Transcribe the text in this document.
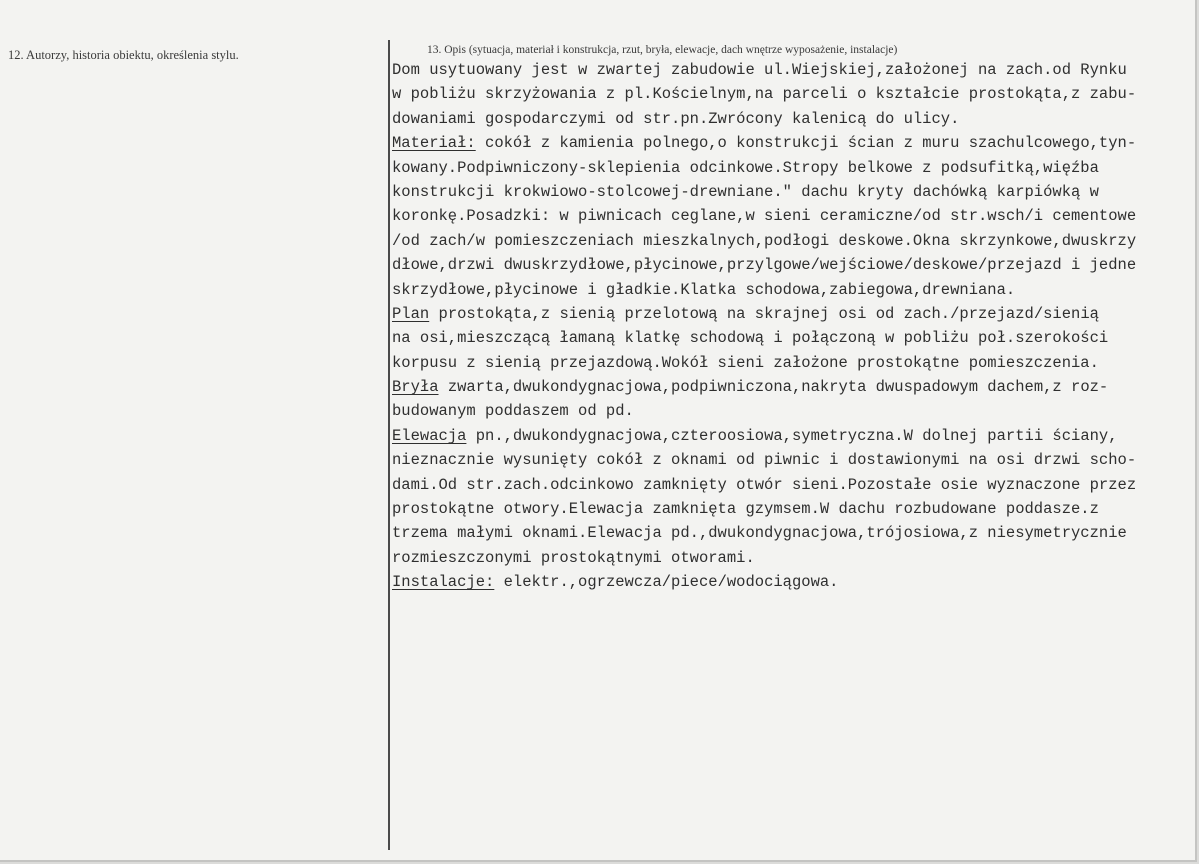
12. Autorzy, historia obiektu, określenia stylu.	13. Opis (sytuacja, materiał i konstrukcja, rzut, bryła, elewacje, dach wnętrze wyposażenie, instalacje)
Dom usytuowany jest w zwartej zabudowie ul.Wiejskiej,założonej na zach.od Rynku
w pobliżu skrzyżowania z pl.Kościelnym,na parceli o kształcie prostokąta,z zabu-
dowaniami gospodarczymi od str.pn.Zwrócony kalenicą do ulicy.
Materiał: cokół z kamienia polnego,o konstrukcji ścian z muru szachulcowego,tyn-
kowany.Podpiwniczony-sklepienia odcinkowe.Stropy belkowe z podsufitką,więźba
konstrukcji krokwiowo-stolcowej-drewniane." dachu kryty dachówką karpiówką w
koronkę.Posadzki: w piwnicach ceglane,w sieni ceramiczne/od str.wsch/i cementowe
/od zach/w pomieszczeniach mieszkalnych,podłogi deskowe.Okna skrzynkowe,dwuskrzy
dłowe,drzwi dwuskrzydłowe,płycinowe,przylgowe/wejściowe/deskowe/przejazd i jedne
skrzydłowe,płycinowe i gładkie.Klatka schodowa,zabiegowa,drewniana.
Plan prostokąta,z sienią przelotową na skrajnej osi od zach./przejazd/sienią
na osi,mieszczącą łamaną klatkę schodową i połączoną w pobliżu poł.szerokości
korpusu z sienią przejazdową.Wokół sieni założone prostokątne pomieszczenia.
Bryła zwarta,dwukondygnacjowa,podpiwniczona,nakryta dwuspadowym dachem,z roz-
budowanym poddaszem od pd.
Elewacja pn.,dwukondygnacjowa,czteroosiowa,symetryczna.W dolnej partii ściany,
nieznacznie wysunięty cokół z oknami od piwnic i dostawionymi na osi drzwi scho-
dami.Od str.zach.odcinkowo zamknięty otwór sieni.Pozostałe osie wyznaczone przez
prostokątne otwory.Elewacja zamknięta gzymsem.W dachu rozbudowane poddasze.z
trzema małymi oknami.Elewacja pd.,dwukondygnacjowa,trójosiowa,z niesymetrycznie
rozmieszczonymi prostokątnymi otworami.
Instalacje: elektr.,ogrzewcza/piece/wodociągowa.
